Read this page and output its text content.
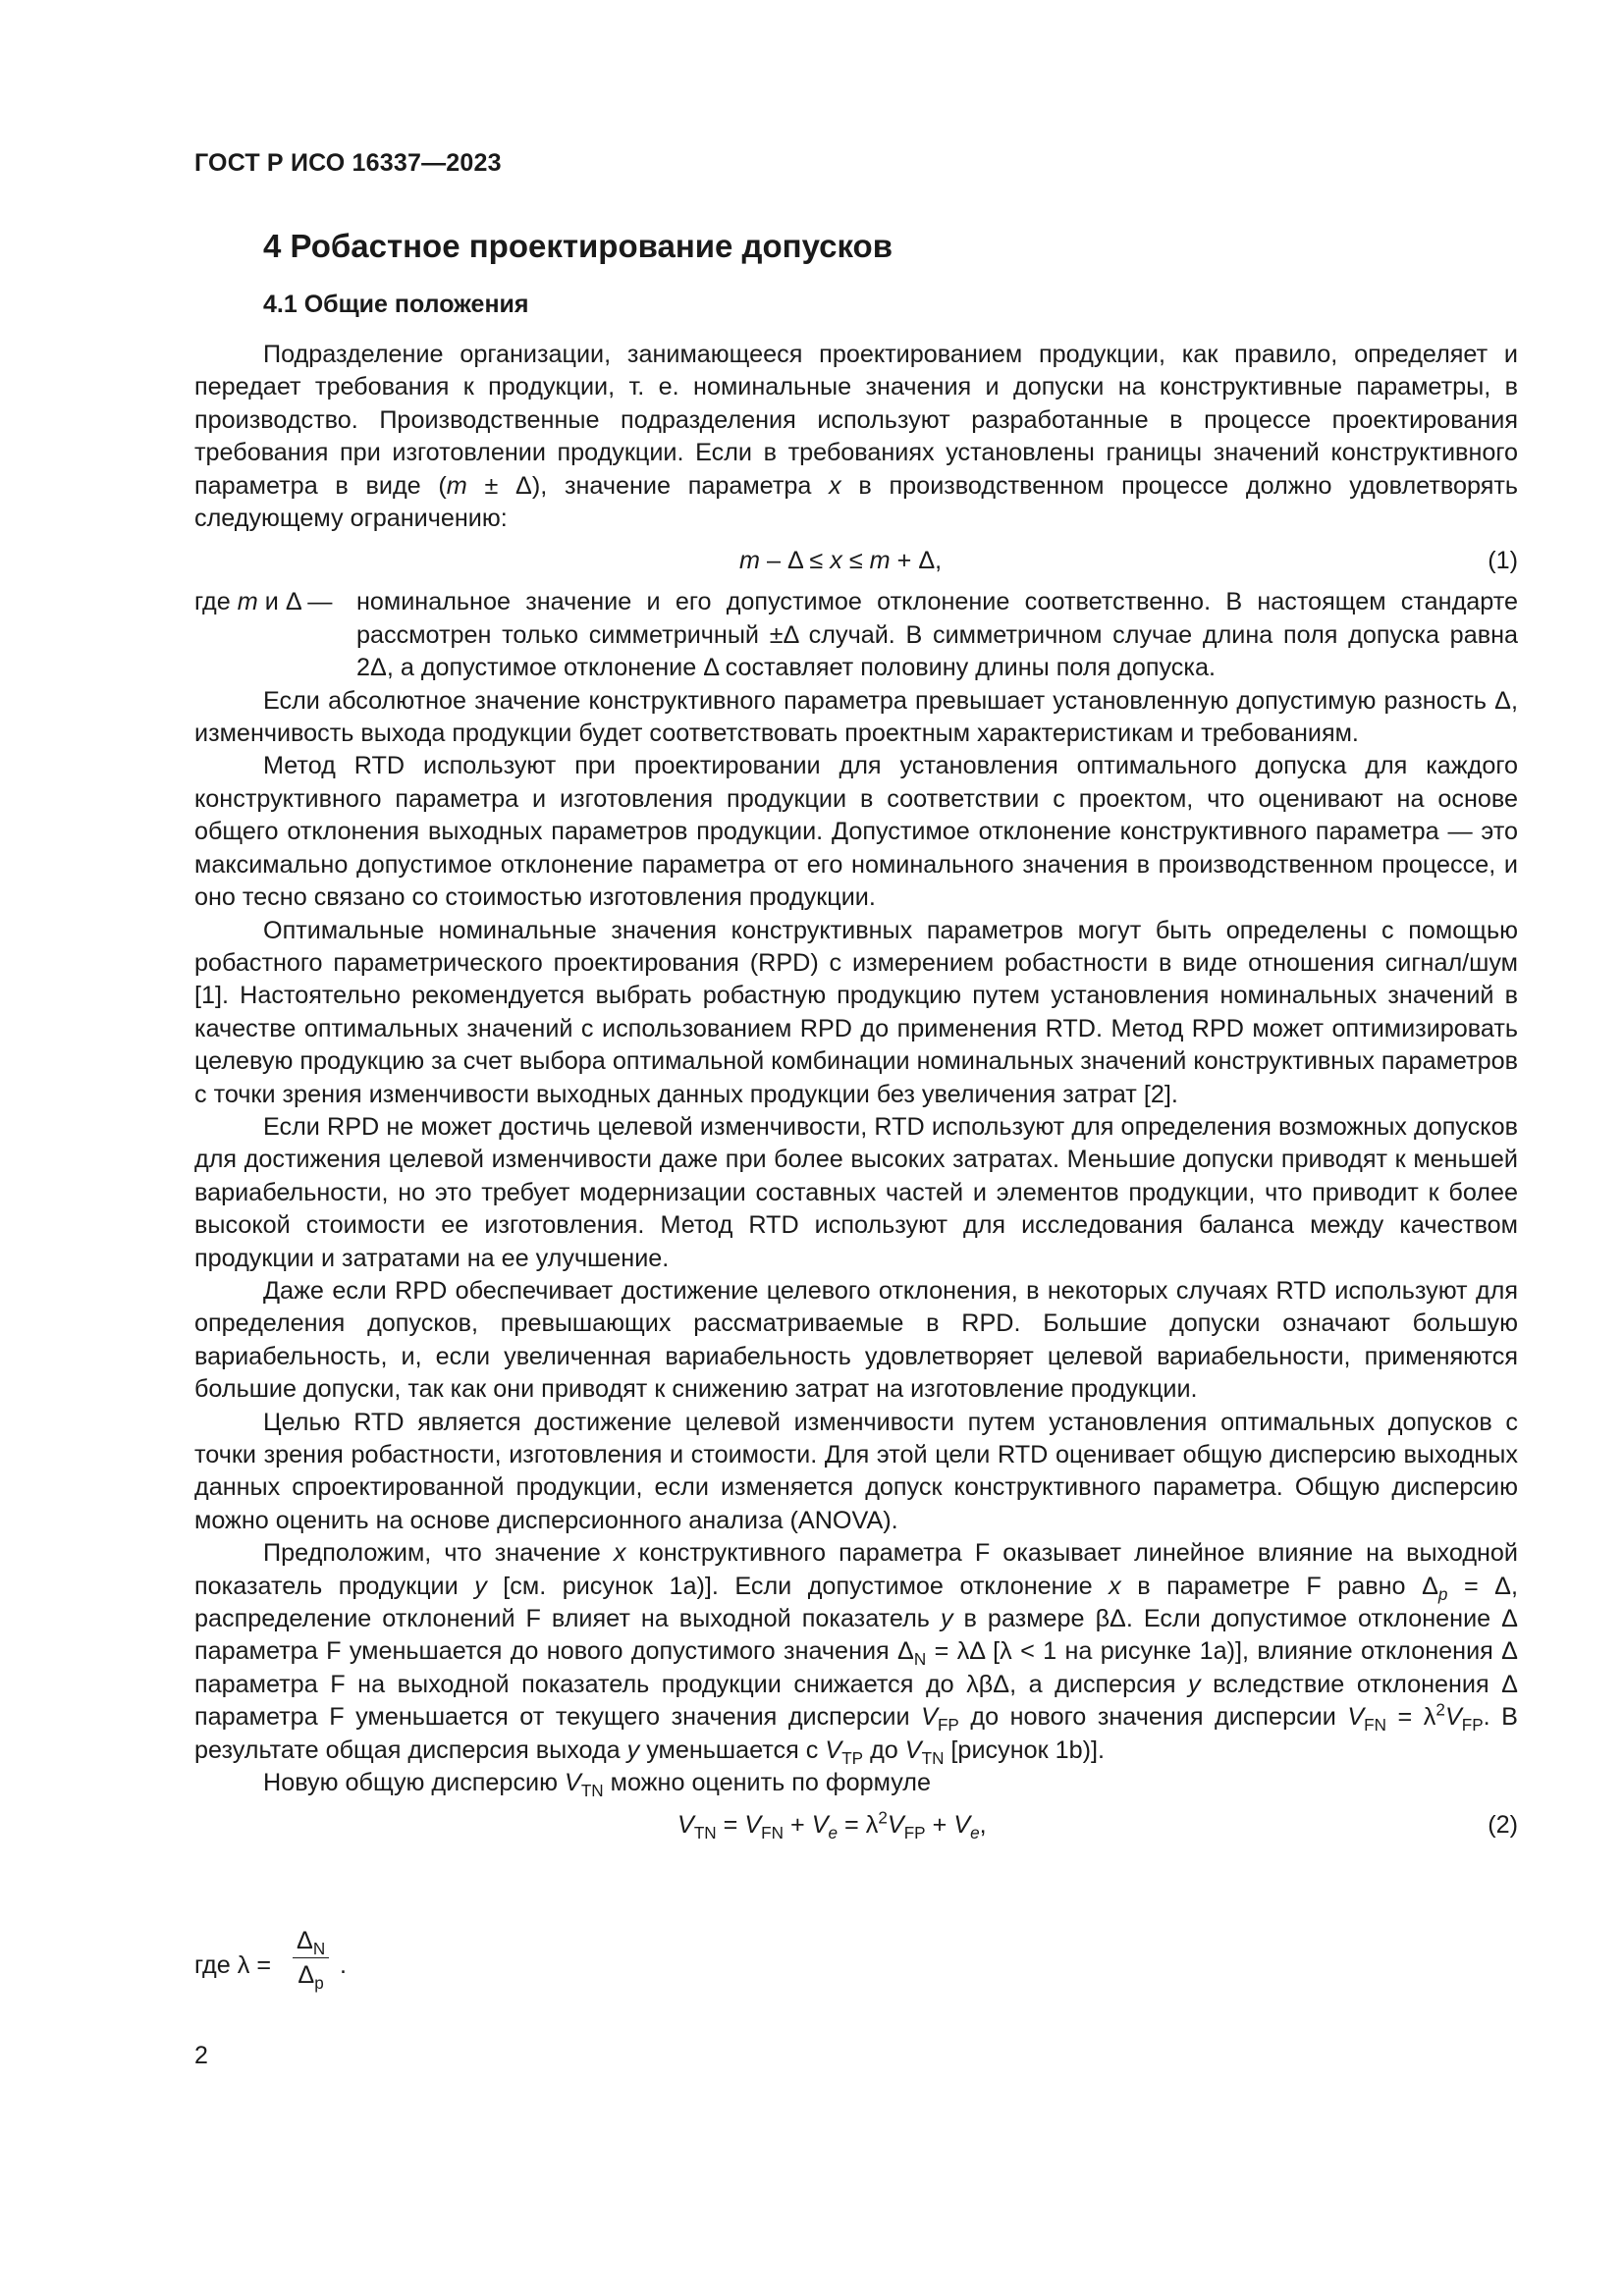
ГОСТ Р ИСО 16337—2023
4 Робастное проектирование допусков
4.1 Общие положения

Подразделение организации, занимающееся проектированием продукции, как правило, определяет и передает требования к продукции, т. е. номинальные значения и допуски на конструктивные параметры, в производство. Производственные подразделения используют разработанные в процессе проектирования требования при изготовлении продукции. Если в требованиях установлены границы значений конструктивного параметра в виде (m ± Δ), значение параметра x в производственном процессе должно удовлетворять следующему ограничению:

m – Δ ≤ x ≤ m + Δ,	(1)
где m и Δ — номинальное значение и его допустимое отклонение соответственно. В настоящем стандарте рассмотрен только симметричный ±Δ случай. В симметричном случае длина поля допуска равна 2Δ, а допустимое отклонение Δ составляет половину длины поля допуска.

Если абсолютное значение конструктивного параметра превышает установленную допустимую разность Δ, изменчивость выхода продукции будет соответствовать проектным характеристикам и требованиям.

Метод RTD используют при проектировании для установления оптимального допуска для каждого конструктивного параметра и изготовления продукции в соответствии с проектом, что оценивают на основе общего отклонения выходных параметров продукции. Допустимое отклонение конструктивного параметра — это максимально допустимое отклонение параметра от его номинального значения в производственном процессе, и оно тесно связано со стоимостью изготовления продукции.

Оптимальные номинальные значения конструктивных параметров могут быть определены с помощью робастного параметрического проектирования (RPD) с измерением робастности в виде отношения сигнал/шум [1]. Настоятельно рекомендуется выбрать робастную продукцию путем установления номинальных значений в качестве оптимальных значений с использованием RPD до применения RTD. Метод RPD может оптимизировать целевую продукцию за счет выбора оптимальной комбинации номинальных значений конструктивных параметров с точки зрения изменчивости выходных данных продукции без увеличения затрат [2].

Если RPD не может достичь целевой изменчивости, RTD используют для определения возможных допусков для достижения целевой изменчивости даже при более высоких затратах. Меньшие допуски приводят к меньшей вариабельности, но это требует модернизации составных частей и элементов продукции, что приводит к более высокой стоимости ее изготовления. Метод RTD используют для исследования баланса между качеством продукции и затратами на ее улучшение.

Даже если RPD обеспечивает достижение целевого отклонения, в некоторых случаях RTD используют для определения допусков, превышающих рассматриваемые в RPD. Большие допуски означают большую вариабельность, и, если увеличенная вариабельность удовлетворяет целевой вариабельности, применяются большие допуски, так как они приводят к снижению затрат на изготовление продукции.

Целью RTD является достижение целевой изменчивости путем установления оптимальных допусков с точки зрения робастности, изготовления и стоимости. Для этой цели RTD оценивает общую дисперсию выходных данных спроектированной продукции, если изменяется допуск конструктивного параметра. Общую дисперсию можно оценить на основе дисперсионного анализа (ANOVA).

Предположим, что значение x конструктивного параметра F оказывает линейное влияние на выходной показатель продукции y [см. рисунок 1a)]. Если допустимое отклонение x в параметре F равно $\Delta_p = \Delta$, распределение отклонений F влияет на выходной показатель y в размере βΔ. Если допустимое отклонение Δ параметра F уменьшается до нового допустимого значения $\Delta_N = \lambda\Delta$ [λ < 1 на рисунке 1a)], влияние отклонения Δ параметра F на выходной показатель продукции снижается до λβΔ, а дисперсия y вследствие отклонения Δ параметра F уменьшается от текущего значения дисперсии $V_{FP}$ до нового значения дисперсии $V_{FN} = \lambda^2V_{FP}$. В результате общая дисперсия выхода y уменьшается с $V_{TP}$ до $V_{TN}$ [рисунок 1b)].

Новую общую дисперсию $V_{TN}$ можно оценить по формуле

$V_{TN} = V_{FN} + V_e = \lambda^2V_{FP} + V_e$,	(2)
где $\lambda = \frac{\Delta_N}{\Delta_p}$ .
2
